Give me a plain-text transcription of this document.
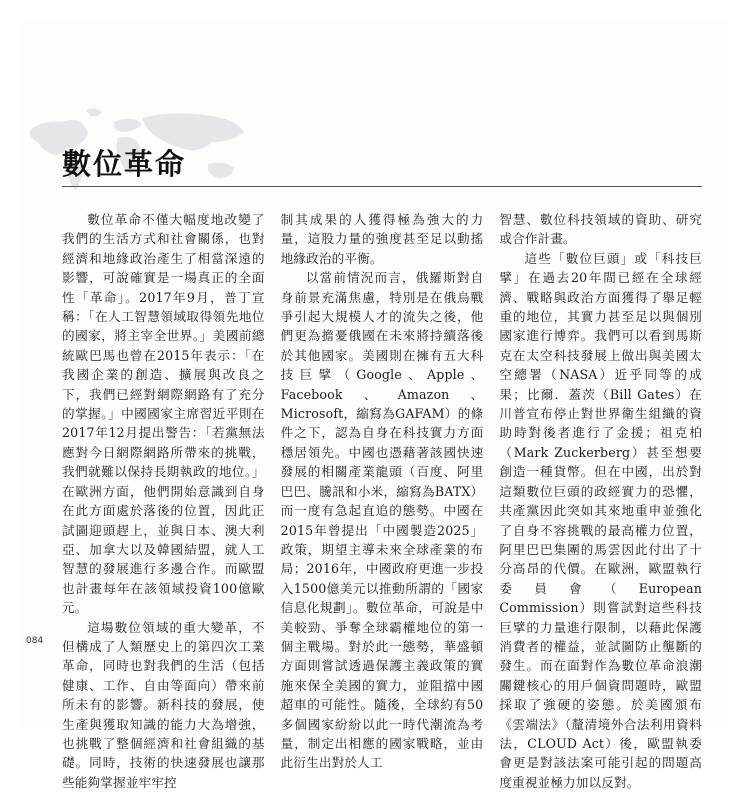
數位革命

數位革命不僅大幅度地改變了我們的生活方式和社會關係，也對經濟和地緣政治產生了相當深遠的影響，可說確實是一場真正的全面性「革命」。2017年9月，普丁宣稱：「在人工智慧領域取得領先地位的國家，將主宰全世界。」美國前總統歐巴馬也曾在2015年表示：「在我國企業的創造、擴展與改良之下，我們已經對網際網路有了充分的掌握。」中國國家主席習近平則在2017年12月提出警告：「若黨無法應對今日網際網路所帶來的挑戰，我們就難以保持長期執政的地位。」在歐洲方面，他們開始意識到自身在此方面處於落後的位置，因此正試圖迎頭趕上，並與日本、澳大利亞、加拿大以及韓國結盟，就人工智慧的發展進行多邊合作。而歐盟也計畫每年在該領域投資100億歐元。

這場數位領域的重大變革，不但構成了人類歷史上的第四次工業革命，同時也對我們的生活（包括健康、工作、自由等面向）帶來前所未有的影響。新科技的發展，使生產與獲取知識的能力大為增強，也挑戰了整個經濟和社會組織的基礎。同時，技術的快速發展也讓那些能夠掌握並牢牢控

制其成果的人獲得極為強大的力量，這股力量的強度甚至足以動搖地緣政治的平衡。

以當前情況而言，俄羅斯對自身前景充滿焦慮，特別是在俄烏戰爭引起大規模人才的流失之後，他們更為擔憂俄國在未來將持續落後於其他國家。美國則在擁有五大科技巨擘（Google、Apple、Facebook、Amazon、Microsoft，縮寫為GAFAM）的條件之下，認為自身在科技實力方面穩居領先。中國也憑藉著該國快速發展的相關產業龍頭（百度、阿里巴巴、騰訊和小米，縮寫為BATX）而一度有急起直追的態勢。中國在2015年曾提出「中國製造2025」政策，期望主導未來全球產業的布局；2016年，中國政府更進一步投入1500億美元以推動所謂的「國家信息化規劃」。數位革命，可說是中美較勁、爭奪全球霸權地位的第一個主戰場。對於此一態勢，華盛頓方面則嘗試透過保護主義政策的實施來保全美國的實力，並阻擋中國超車的可能性。隨後，全球約有50多個國家紛紛以此一時代潮流為考量，制定出相應的國家戰略，並由此衍生出對於人工

智慧、數位科技領域的資助、研究或合作計畫。

這些「數位巨頭」或「科技巨擘」在過去20年間已經在全球經濟、戰略與政治方面獲得了舉足輕重的地位，其實力甚至足以與個別國家進行博弈。我們可以看到馬斯克在太空科技發展上做出與美國太空總署（NASA）近乎同等的成果；比爾．蓋茨（Bill Gates）在川普宣布停止對世界衛生組織的資助時對後者進行了金援；祖克柏（Mark Zuckerberg）甚至想要創造一種貨幣。但在中國，出於對這類數位巨頭的政經實力的恐懼，共產黨因此突如其來地重申並強化了自身不容挑戰的最高權力位置，阿里巴巴集團的馬雲因此付出了十分高昂的代價。在歐洲，歐盟執行委員會（European Commission）則嘗試對這些科技巨擘的力量進行限制，以藉此保護消費者的權益，並試圖防止壟斷的發生。而在面對作為數位革命浪潮關鍵核心的用戶個資問題時，歐盟採取了強硬的姿態。於美國頒布《雲端法》（釐清境外合法利用資料法，CLOUD Act）後，歐盟執委會更是對該法案可能引起的問題高度重視並極力加以反對。

084
